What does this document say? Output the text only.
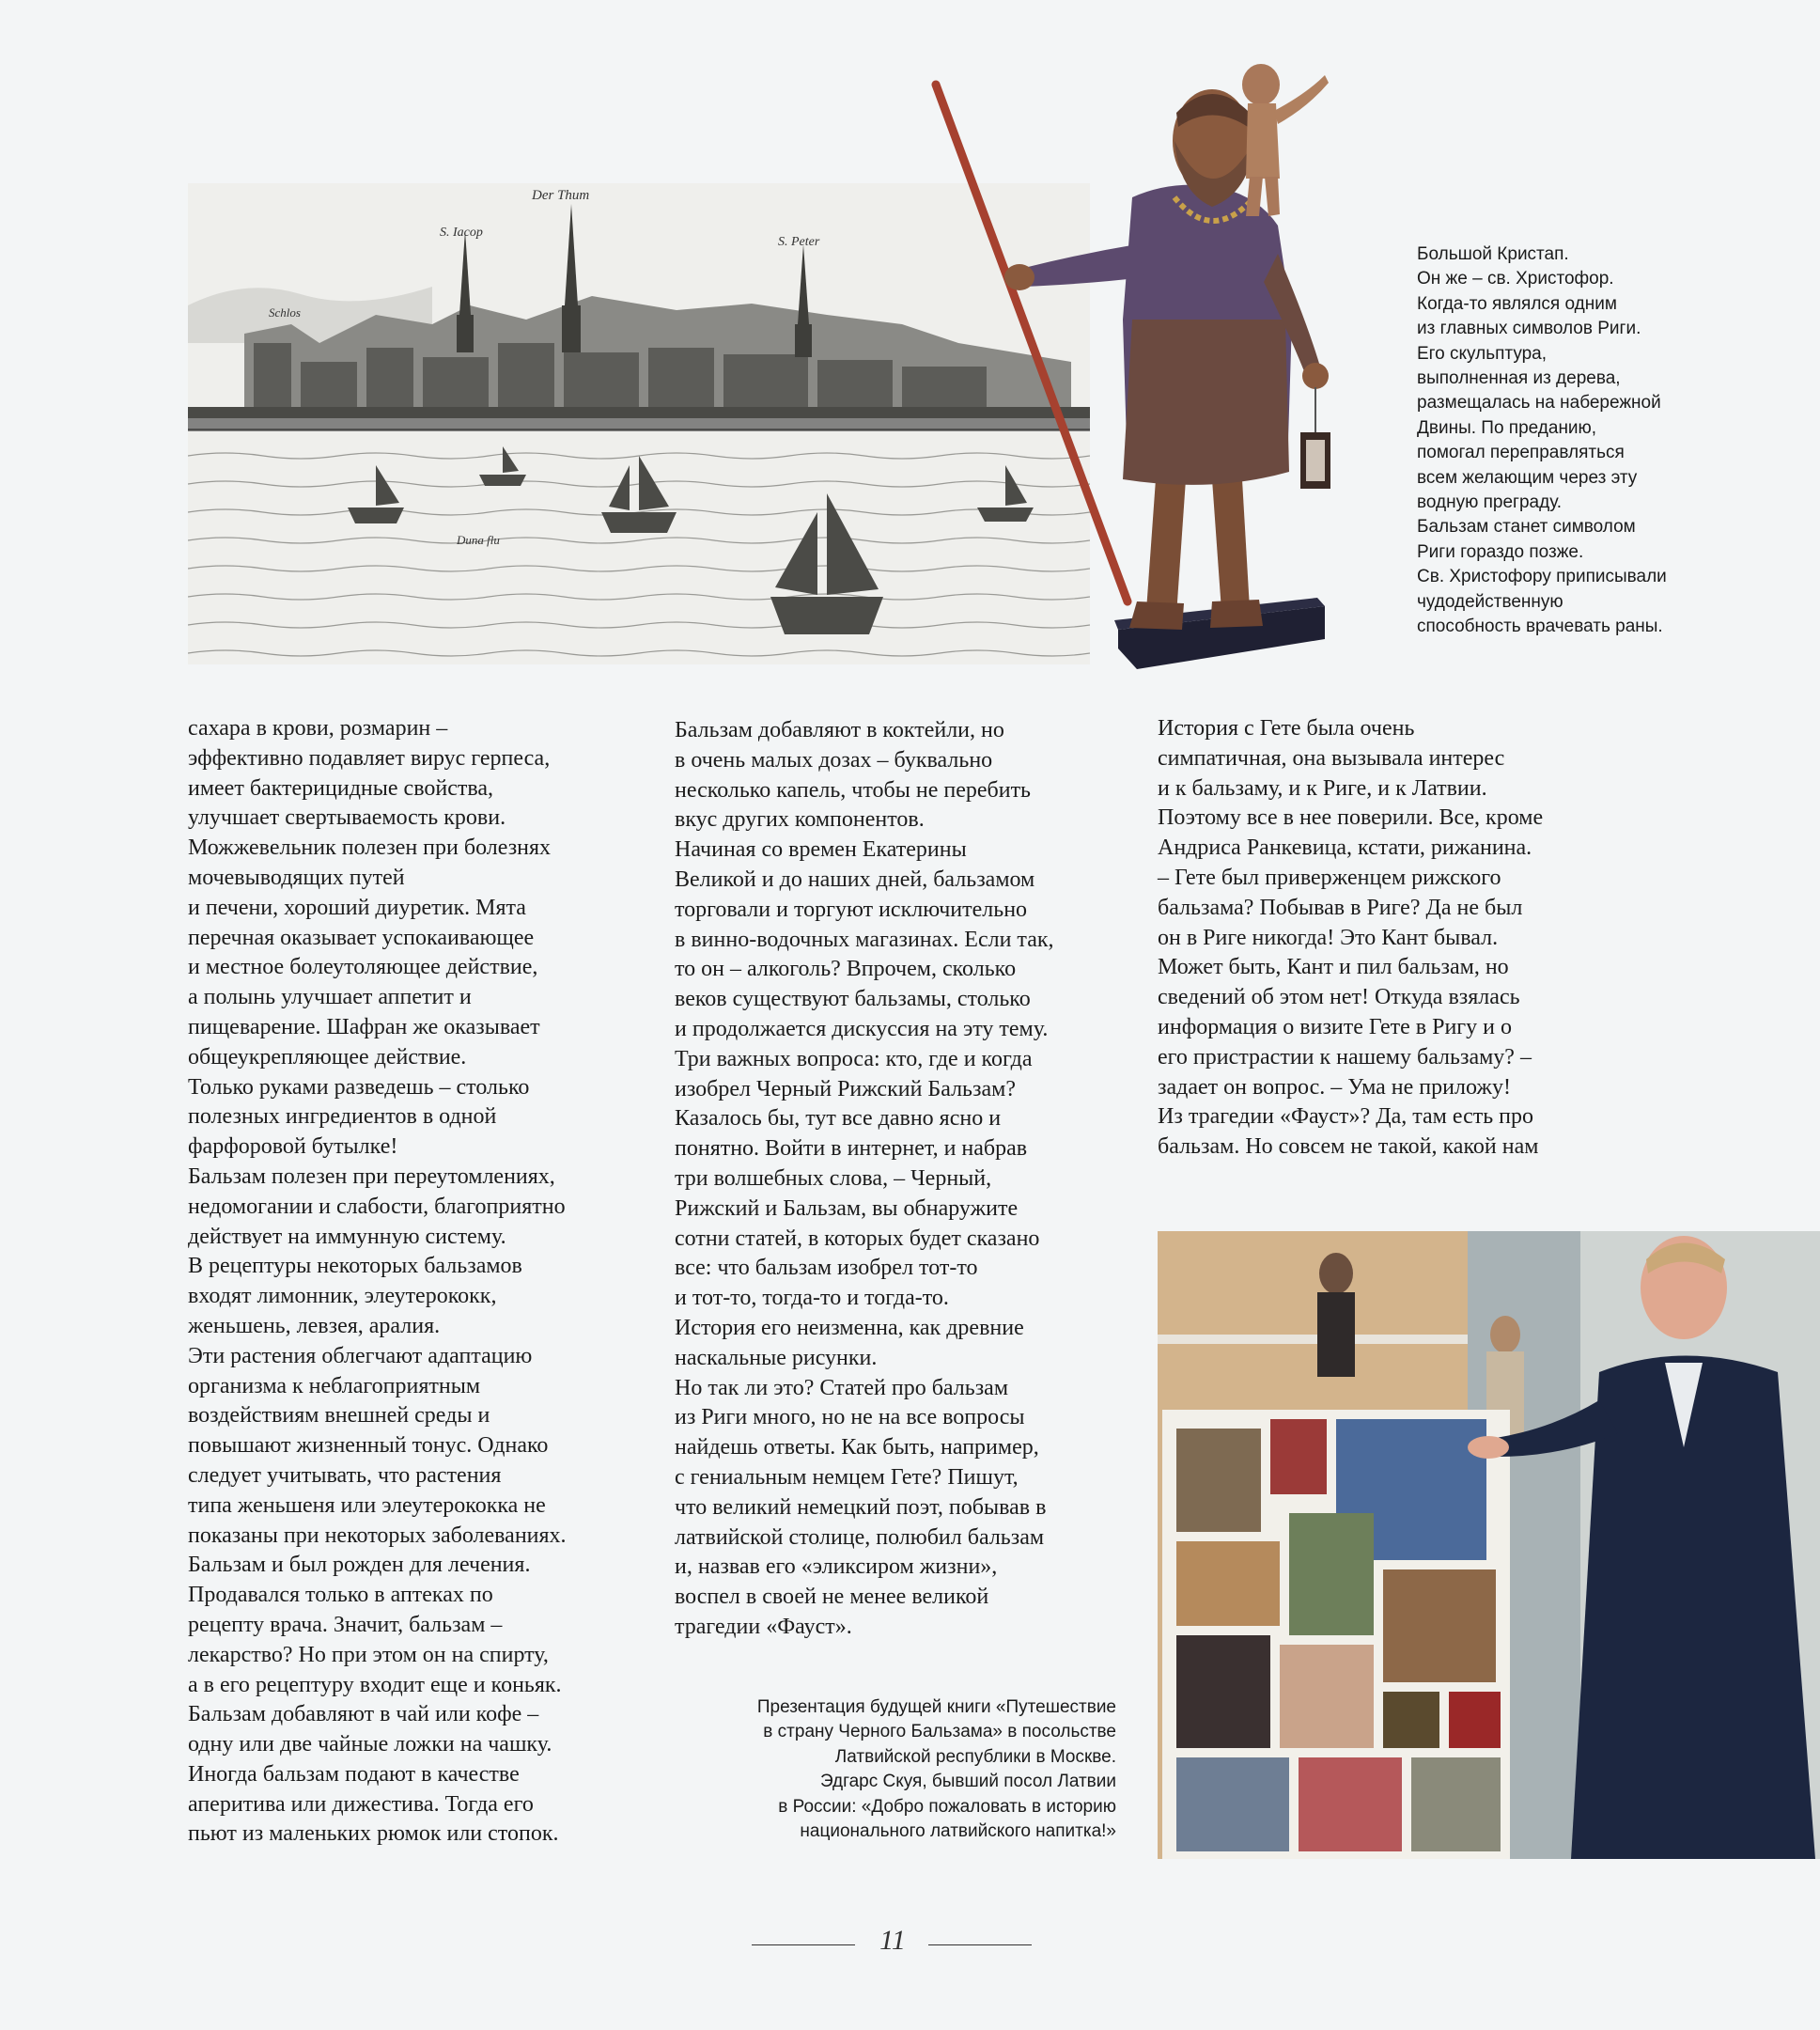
Der Thum
S. Iacop
S. Peter
Schlos
Duna flu

Большой Кристап.

Он же – св. Христофор.

Когда-то являлся одним

из главных символов Риги.

Его скульптура,

выполненная из дерева,

размещалась на набережной

Двины. По преданию,

помогал переправляться

всем желающим через эту

водную преграду.

Бальзам станет символом

Риги гораздо позже.

Св. Христофору приписывали

чудодейственную

способность врачевать раны.

сахара в крови, розмарин –

эффективно подавляет вирус герпеса,

имеет бактерицидные свойства,

улучшает свертываемость крови.

Можжевельник полезен при болезнях

мочевыводящих путей

и печени, хороший диуретик. Мята

перечная оказывает успокаивающее

и местное болеутоляющее действие,

а полынь улучшает аппетит и

пищеварение. Шафран же оказывает

общеукрепляющее действие.

Только руками разведешь – столько

полезных ингредиентов в одной

фарфоровой бутылке!

Бальзам полезен при переутомлениях,

недомогании и слабости, благоприятно

действует на иммунную систему.

В рецептуры некоторых бальзамов

входят лимонник, элеутерококк,

женьшень, левзея, аралия.

Эти растения облегчают адаптацию

организма к неблагоприятным

воздействиям внешней среды и

повышают жизненный тонус. Однако

следует учитывать, что растения

типа женьшеня или элеутерококка не

показаны при некоторых заболеваниях.

Бальзам и был рожден для лечения.

Продавался только в аптеках по

рецепту врача. Значит, бальзам –

лекарство? Но при этом он на спирту,

а в его рецептуру входит еще и коньяк.

Бальзам добавляют в чай или кофе –

одну или две чайные ложки на чашку.

Иногда бальзам подают в качестве

аперитива или дижестива. Тогда его

пьют из маленьких рюмок или стопок.

Бальзам добавляют в коктейли, но

в очень малых дозах – буквально

несколько капель, чтобы не перебить

вкус других компонентов.

Начиная со времен Екатерины

Великой и до наших дней, бальзамом

торговали и торгуют исключительно

в винно-водочных магазинах. Если так,

то он – алкоголь? Впрочем, сколько

веков существуют бальзамы, столько

и продолжается дискуссия на эту тему.

Три важных вопроса: кто, где и когда

изобрел Черный Рижский Бальзам?

Казалось бы, тут все давно ясно и

понятно. Войти в интернет, и набрав

три волшебных слова, – Черный,

Рижский и Бальзам, вы обнаружите

сотни статей, в которых будет сказано

все: что бальзам изобрел тот-то

и тот-то, тогда-то и тогда-то.

История его неизменна, как древние

наскальные рисунки.

Но так ли это? Статей про бальзам

из Риги много, но не на все вопросы

найдешь ответы. Как быть, например,

с гениальным немцем Гете? Пишут,

что великий немецкий поэт, побывав в

латвийской столице, полюбил бальзам

и, назвав его «эликсиром жизни»,

воспел в своей не менее великой

трагедии «Фауст».

История с Гете была очень

симпатичная, она вызывала интерес

и к бальзаму, и к Риге, и к Латвии.

Поэтому все в нее поверили. Все, кроме

Андриса Ранкевица, кстати, рижанина.

– Гете был приверженцем рижского

бальзама? Побывав в Риге? Да не был

он в Риге никогда! Это Кант бывал.

Может быть, Кант и пил бальзам, но

сведений об этом нет! Откуда взялась

информация о визите Гете в Ригу и о

его пристрастии к нашему бальзаму? –

задает он вопрос. – Ума не приложу!

Из трагедии «Фауст»? Да, там есть про

бальзам. Но совсем не такой, какой нам

Презентация будущей книги «Путешествие

в страну Черного Бальзама» в посольстве

Латвийской республики в Москве.

Эдгарс Скуя, бывший посол Латвии

в России: «Добро пожаловать в историю

национального латвийского напитка!»

11
